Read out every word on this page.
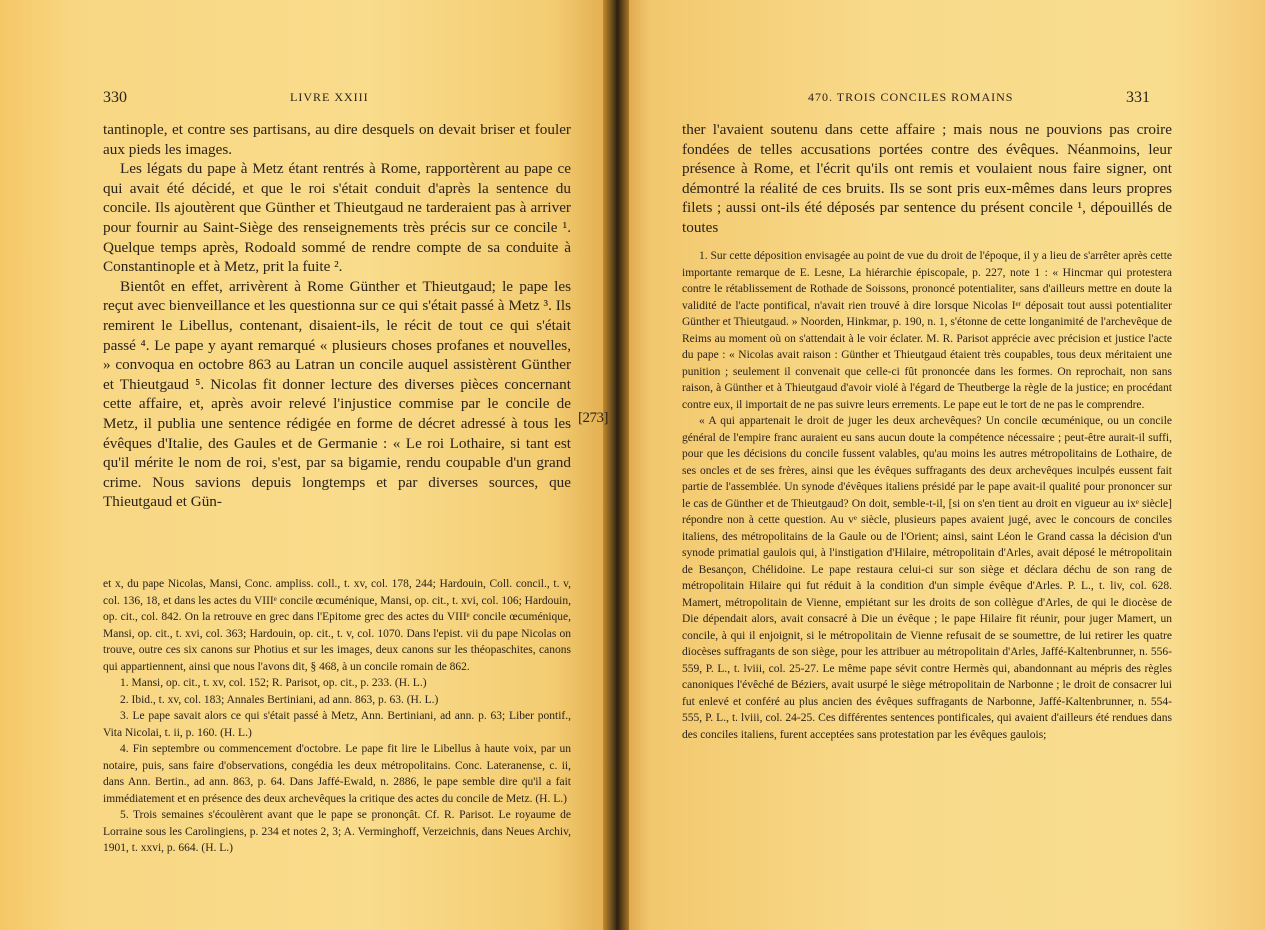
330	LIVRE XXIII

tantinople, et contre ses partisans, au dire desquels on devait briser et fouler aux pieds les images.

Les légats du pape à Metz étant rentrés à Rome, rapportèrent au pape ce qui avait été décidé, et que le roi s'était conduit d'après la sentence du concile. Ils ajoutèrent que Günther et Thieutgaud ne tarderaient pas à arriver pour fournir au Saint-Siège des renseignements très précis sur ce concile ¹. Quelque temps après, Rodoald sommé de rendre compte de sa conduite à Constantinople et à Metz, prit la fuite ².

Bientôt en effet, arrivèrent à Rome Günther et Thieutgaud; le pape les reçut avec bienveillance et les questionna sur ce qui s'était passé à Metz ³. Ils remirent le Libellus, contenant, disaient-ils, le récit de tout ce qui s'était passé ⁴. Le pape y ayant remarqué « plusieurs choses profanes et nouvelles, » convoqua en octobre 863 au Latran un concile auquel assistèrent Günther et Thieutgaud ⁵. Nicolas fit donner lecture des diverses pièces concernant cette affaire, et, après avoir relevé l'injustice commise par le concile de Metz, il publia une sentence rédigée en forme de décret adressé à tous les évêques d'Italie, des Gaules et de Germanie : « Le roi Lothaire, si tant est qu'il mérite le nom de roi, s'est, par sa bigamie, rendu coupable d'un grand crime. Nous savions depuis longtemps et par diverses sources, que Thieutgaud et Gün-

et x, du pape Nicolas, Mansi, Conc. ampliss. coll., t. xv, col. 178, 244; Hardouin, Coll. concil., t. v, col. 136, 18, et dans les actes du VIIIᵉ concile œcuménique, Mansi, op. cit., t. xvi, col. 106; Hardouin, op. cit., col. 842. On la retrouve en grec dans l'Epitome grec des actes du VIIIᵉ concile œcuménique, Mansi, op. cit., t. xvi, col. 363; Hardouin, op. cit., t. v, col. 1070. Dans l'epist. vii du pape Nicolas on trouve, outre ces six canons sur Photius et sur les images, deux canons sur les théopaschites, canons qui appartiennent, ainsi que nous l'avons dit, § 468, à un concile romain de 862.

1. Mansi, op. cit., t. xv, col. 152; R. Parisot, op. cit., p. 233. (H. L.)

2. Ibid., t. xv, col. 183; Annales Bertiniani, ad ann. 863, p. 63. (H. L.)

3. Le pape savait alors ce qui s'était passé à Metz, Ann. Bertiniani, ad ann. p. 63; Liber pontif., Vita Nicolai, t. ii, p. 160. (H. L.)

4. Fin septembre ou commencement d'octobre. Le pape fit lire le Libellus à haute voix, par un notaire, puis, sans faire d'observations, congédia les deux métropolitains. Conc. Lateranense, c. ii, dans Ann. Bertin., ad ann. 863, p. 64. Dans Jaffé-Ewald, n. 2886, le pape semble dire qu'il a fait immédiatement et en présence des deux archevêques la critique des actes du concile de Metz. (H. L.)

5. Trois semaines s'écoulèrent avant que le pape se prononçât. Cf. R. Parisot. Le royaume de Lorraine sous les Carolingiens, p. 234 et notes 2, 3; A. Verminghoff, Verzeichnis, dans Neues Archiv, 1901, t. xxvi, p. 664. (H. L.)

470. TROIS CONCILES ROMAINS	331

ther l'avaient soutenu dans cette affaire ; mais nous ne pouvions pas croire fondées de telles accusations portées contre des évêques. Néanmoins, leur présence à Rome, et l'écrit qu'ils ont remis et voulaient nous faire signer, ont démontré la réalité de ces bruits. Ils se sont pris eux-mêmes dans leurs propres filets ; aussi ont-ils été déposés par sentence du présent concile ¹, dépouillés de toutes

1. Sur cette déposition envisagée au point de vue du droit de l'époque, il y a lieu de s'arrêter après cette importante remarque de E. Lesne, La hiérarchie épiscopale, p. 227, note 1 : « Hincmar qui protestera contre le rétablissement de Rothade de Soissons, prononcé potentialiter, sans d'ailleurs mettre en doute la validité de l'acte pontifical, n'avait rien trouvé à dire lorsque Nicolas Iᵉʳ déposait tout aussi potentialiter Günther et Thieutgaud. » Noorden, Hinkmar, p. 190, n. 1, s'étonne de cette longanimité de l'archevêque de Reims au moment où on s'attendait à le voir éclater. M. R. Parisot apprécie avec précision et justice l'acte du pape : « Nicolas avait raison : Günther et Thieutgaud étaient très coupables, tous deux méritaient une punition ; seulement il convenait que celle-ci fût prononcée dans les formes. On reprochait, non sans raison, à Günther et à Thieutgaud d'avoir violé à l'égard de Theutberge la règle de la justice; en procédant contre eux, il importait de ne pas suivre leurs errements. Le pape eut le tort de ne pas le comprendre.

« A qui appartenait le droit de juger les deux archevêques? Un concile œcuménique, ou un concile général de l'empire franc auraient eu sans aucun doute la compétence nécessaire ; peut-être aurait-il suffi, pour que les décisions du concile fussent valables, qu'au moins les autres métropolitains de Lothaire, de ses oncles et de ses frères, ainsi que les évêques suffragants des deux archevêques inculpés eussent fait partie de l'assemblée. Un synode d'évêques italiens présidé par le pape avait-il qualité pour prononcer sur le cas de Günther et de Thieutgaud? On doit, semble-t-il, [si on s'en tient au droit en vigueur au ixᵉ siècle] répondre non à cette question. Au vᵉ siècle, plusieurs papes avaient jugé, avec le concours de conciles italiens, des métropolitains de la Gaule ou de l'Orient; ainsi, saint Léon le Grand cassa la décision d'un synode primatial gaulois qui, à l'instigation d'Hilaire, métropolitain d'Arles, avait déposé le métropolitain de Besançon, Chélidoine. Le pape restaura celui-ci sur son siège et déclara déchu de son rang de métropolitain Hilaire qui fut réduit à la condition d'un simple évêque d'Arles. P. L., t. liv, col. 628. Mamert, métropolitain de Vienne, empiétant sur les droits de son collègue d'Arles, de qui le diocèse de Die dépendait alors, avait consacré à Die un évêque ; le pape Hilaire fit réunir, pour juger Mamert, un concile, à qui il enjoignit, si le métropolitain de Vienne refusait de se soumettre, de lui retirer les quatre diocèses suffragants de son siège, pour les attribuer au métropolitain d'Arles, Jaffé-Kaltenbrunner, n. 556-559, P. L., t. lviii, col. 25-27. Le même pape sévit contre Hermès qui, abandonnant au mépris des règles canoniques l'évêché de Béziers, avait usurpé le siège métropolitain de Narbonne ; le droit de consacrer lui fut enlevé et conféré au plus ancien des évêques suffragants de Narbonne, Jaffé-Kaltenbrunner, n. 554-555, P. L., t. lviii, col. 24-25. Ces différentes sentences pontificales, qui avaient d'ailleurs été rendues dans des conciles italiens, furent acceptées sans protestation par les évêques gaulois;

[273]
